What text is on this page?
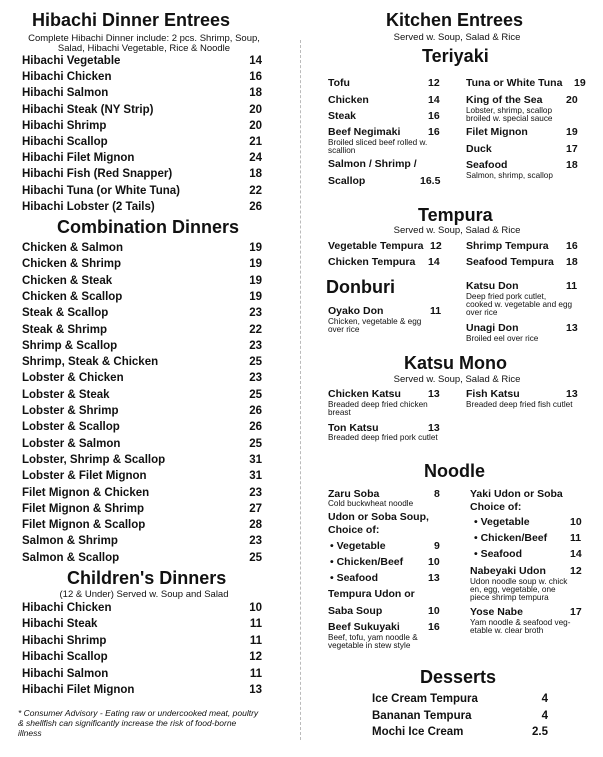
Hibachi Dinner Entrees
Complete Hibachi Dinner include: 2 pcs. Shrimp, Soup,
Salad, Hibachi Vegetable, Rice & Noodle
Hibachi Vegetable	14
Hibachi Chicken	16
Hibachi Salmon	18
Hibachi Steak (NY Strip)	20
Hibachi Shrimp	20
Hibachi Scallop	21
Hibachi Filet Mignon	24
Hibachi Fish (Red Snapper)	18
Hibachi Tuna (or White Tuna)	22
Hibachi Lobster (2 Tails)	26
Combination Dinners
Chicken & Salmon	19
Chicken & Shrimp	19
Chicken & Steak	19
Chicken & Scallop	19
Steak & Scallop	23
Steak & Shrimp	22
Shrimp & Scallop	23
Shrimp, Steak & Chicken	25
Lobster & Chicken	23
Lobster & Steak	25
Lobster & Shrimp	26
Lobster & Scallop	26
Lobster & Salmon	25
Lobster, Shrimp & Scallop	31
Lobster & Filet Mignon	31
Filet Mignon & Chicken	23
Filet Mignon & Shrimp	27
Filet Mignon & Scallop	28
Salmon & Shrimp	23
Salmon & Scallop	25
Children's Dinners
(12 & Under) Served w. Soup and Salad
Hibachi Chicken	10
Hibachi Steak	11
Hibachi Shrimp	11
Hibachi Scallop	12
Hibachi Salmon	11
Hibachi Filet Mignon	13
* Consumer Advisory - Eating raw or undercooked meat, poultry
& shellfish can significantly increase the risk of food-borne
illness
Kitchen Entrees
Served w. Soup, Salad & Rice
Teriyaki
Tofu	12
Chicken	14
Steak	16
Beef Negimaki	16
Broiled sliced beef rolled w.
scallion
Salmon / Shrimp /
Scallop	16.5
Tuna or White Tuna 19
King of the Sea 20
Lobster, shrimp, scallop
broiled w. special sauce
Filet Mignon	19
Duck	17
Seafood	18
Salmon, shrimp, scallop
Tempura
Served w. Soup, Salad & Rice
Vegetable Tempura 12
Chicken Tempura 14
Shrimp Tempura 16
Seafood Tempura 18
Donburi
Oyako Don	11
Chicken, vegetable & egg
over rice
Katsu Don	11
Deep fried pork cutlet,
cooked w. vegetable and egg
over rice
Unagi Don	13
Broiled eel over rice
Katsu Mono
Served w. Soup, Salad & Rice
Chicken Katsu	13
Breaded deep fried chicken
breast
Fish Katsu	13
Breaded deep fried fish cutlet
Ton Katsu	13
Breaded deep fried pork cutlet
Noodle
Zaru Soba	8
Cold buckwheat noodle
Udon or Soba Soup,
Choice of:
• Vegetable	9
• Chicken/Beef 10
• Seafood	13
Tempura Udon or
Saba Soup	10
Beef Sukuyaki	16
Beef, tofu, yam noodle &
vegetable in stew style
Yaki Udon or Soba
Choice of:
• Vegetable	10
• Chicken/Beef 11
• Seafood	14
Nabeyaki Udon 12
Udon noodle soup w. chick
en, egg, vegetable, one
piece shrimp tempura
Yose Nabe	17
Yam noodle & seafood veg-
etable w. clear broth
Desserts
Ice Cream Tempura	4
Bananan Tempura	4
Mochi Ice Cream	2.5
